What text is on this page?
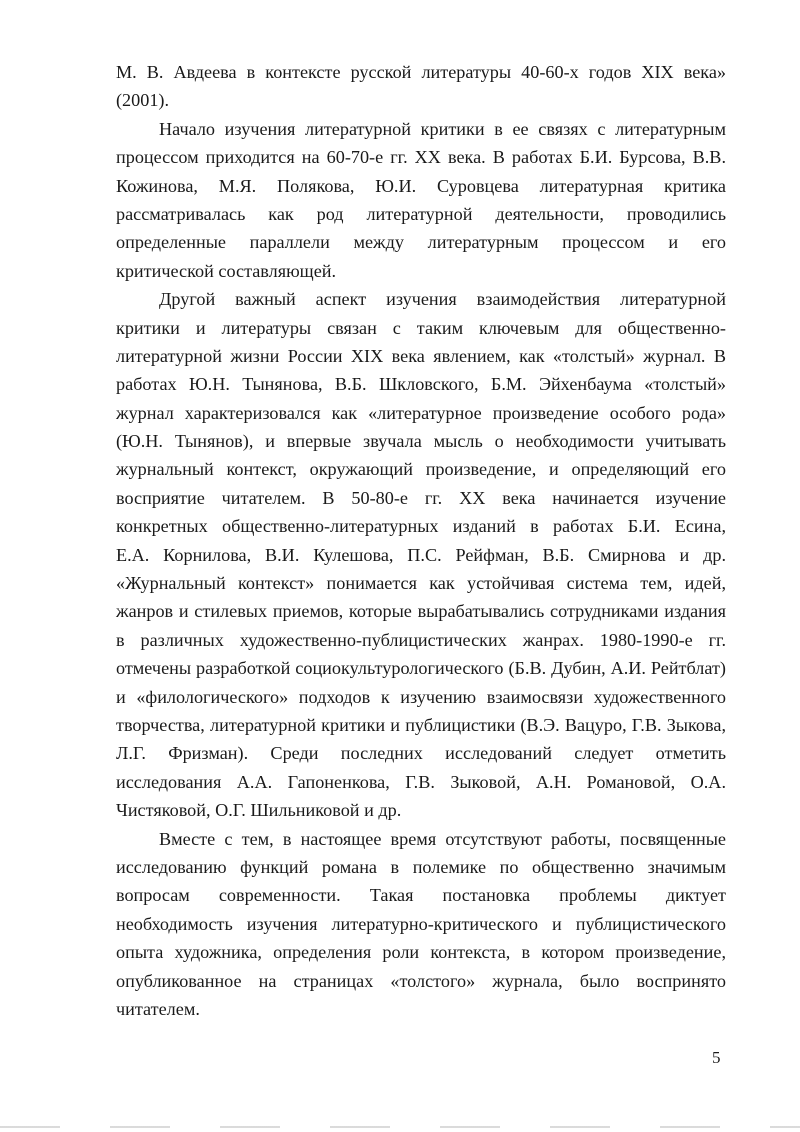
М. В. Авдеева в контексте русской литературы 40-60-х годов XIX века»
(2001).
Начало изучения литературной критики в ее связях с литературным
процессом приходится на 60-70-е гг. XX века. В работах Б.И. Бурсова, В.В.
Кожинова, М.Я. Полякова, Ю.И. Суровцева литературная критика
рассматривалась как род литературной деятельности, проводились
определенные параллели между литературным процессом и его
критической составляющей.
Другой важный аспект изучения взаимодействия литературной
критики и литературы связан с таким ключевым для общественно-
литературной жизни России XIX века явлением, как «толстый» журнал. В
работах Ю.Н. Тынянова, В.Б. Шкловского, Б.М. Эйхенбаума «толстый»
журнал характеризовался как «литературное произведение особого рода»
(Ю.Н. Тынянов), и впервые звучала мысль о необходимости учитывать
журнальный контекст, окружающий произведение, и определяющий его
восприятие читателем. В 50-80-е гг. XX века начинается изучение
конкретных общественно-литературных изданий в работах Б.И. Есина,
Е.А. Корнилова, В.И. Кулешова, П.С. Рейфман, В.Б. Смирнова и др.
«Журнальный контекст» понимается как устойчивая система тем, идей,
жанров и стилевых приемов, которые вырабатывались сотрудниками издания
в различных художественно-публицистических жанрах. 1980-1990-е гг.
отмечены разработкой социокультурологического (Б.В. Дубин, А.И. Рейтблат)
и «филологического» подходов к изучению взаимосвязи художественного
творчества, литературной критики и публицистики (В.Э. Вацуро, Г.В. Зыкова,
Л.Г. Фризман). Среди последних исследований следует отметить
исследования А.А. Гапоненкова, Г.В. Зыковой, А.Н. Романовой, О.А.
Чистяковой, О.Г. Шильниковой и др.
Вместе с тем, в настоящее время отсутствуют работы, посвященные
исследованию функций романа в полемике по общественно значимым
вопросам современности. Такая постановка проблемы диктует
необходимость изучения литературно-критического и публицистического
опыта художника, определения роли контекста, в котором произведение,
опубликованное на страницах «толстого» журнала, было воспринято
читателем.
5
